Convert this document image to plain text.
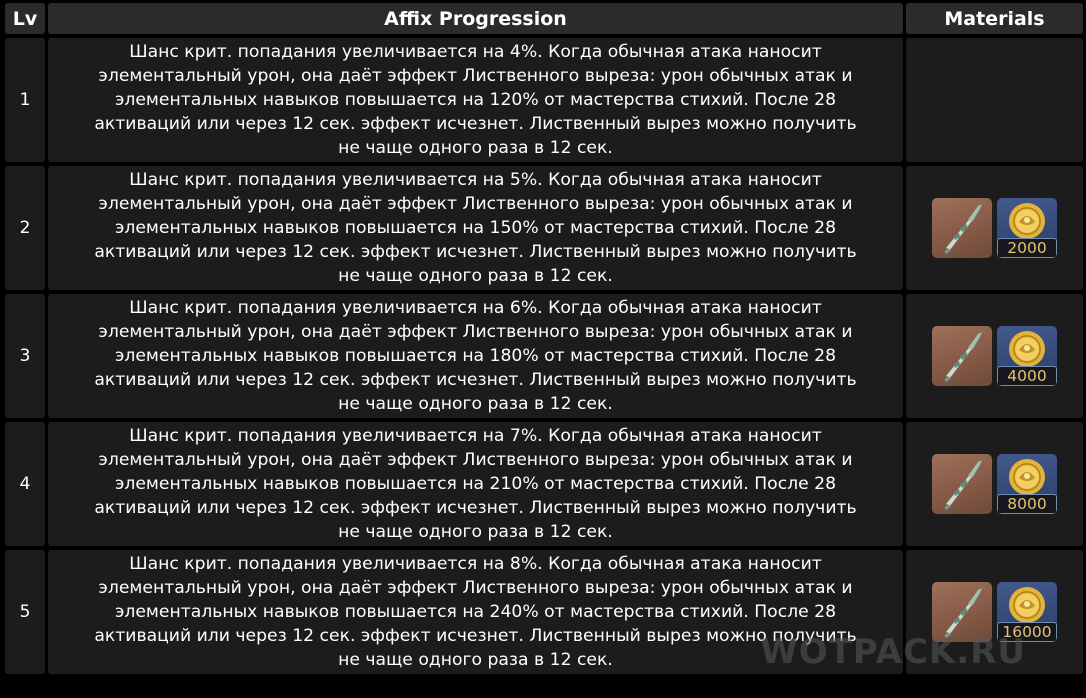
Lv	Affix Progression	Materials
1
Шанс крит. попадания увеличивается на 4%. Когда обычная атака наносит
элементальный урон, она даёт эффект Лиственного выреза: урон обычных атак и
элементальных навыков повышается на 120% от мастерства стихий. После 28
активаций или через 12 сек. эффект исчезнет. Лиственный вырез можно получить
не чаще одного раза в 12 сек.
2
Шанс крит. попадания увеличивается на 5%. Когда обычная атака наносит
элементальный урон, она даёт эффект Лиственного выреза: урон обычных атак и
элементальных навыков повышается на 150% от мастерства стихий. После 28
активаций или через 12 сек. эффект исчезнет. Лиственный вырез можно получить
не чаще одного раза в 12 сек.
2000
3
Шанс крит. попадания увеличивается на 6%. Когда обычная атака наносит
элементальный урон, она даёт эффект Лиственного выреза: урон обычных атак и
элементальных навыков повышается на 180% от мастерства стихий. После 28
активаций или через 12 сек. эффект исчезнет. Лиственный вырез можно получить
не чаще одного раза в 12 сек.
4000
4
Шанс крит. попадания увеличивается на 7%. Когда обычная атака наносит
элементальный урон, она даёт эффект Лиственного выреза: урон обычных атак и
элементальных навыков повышается на 210% от мастерства стихий. После 28
активаций или через 12 сек. эффект исчезнет. Лиственный вырез можно получить
не чаще одного раза в 12 сек.
8000
5
Шанс крит. попадания увеличивается на 8%. Когда обычная атака наносит
элементальный урон, она даёт эффект Лиственного выреза: урон обычных атак и
элементальных навыков повышается на 240% от мастерства стихий. После 28
активаций или через 12 сек. эффект исчезнет. Лиственный вырез можно получить
не чаще одного раза в 12 сек.
16000
WOTPACK.RU
